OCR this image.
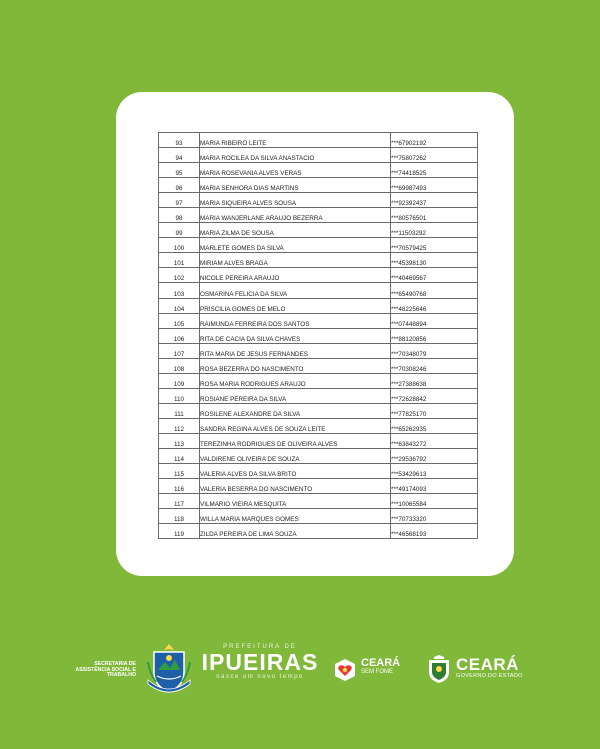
93	MARIA RIBEIRO LEITE	***67902192
94	MARIA ROCILEA DA SILVA ANASTACIO	***75807262
95	MARIA ROSEVANIA ALVES VERAS	***74418525
96	MARIA SENHORA DIAS MARTINS	***69987493
97	MARIA SIQUEIRA ALVES SOUSA	***92392437
98	MARIA WANJERLANE ARAUJO BEZERRA	***80576501
99	MARIA ZILMA DE SOUSA	***11503292
100	MARLETE GOMES DA SILVA	***70579425
101	MIRIAM ALVES BRAGA	***45398130
102	NICOLE PEREIRA ARAUJO	***40469567
103	OSMARINA FELICIA DA SILVA	***65490768
104	PRISCILIA GOMES DE MELO	***48225646
105	RAIMUNDA FERREIRA DOS SANTOS	***07448894
106	RITA DE CACIA DA SILVA CHAVES	***88120856
107	RITA MARIA DE JESUS FERNANDES	***70348079
108	ROSA BEZERRA DO NASCIMENTO	***70308246
109	ROSA MARIA RODRIGUES ARAUJO	***27388638
110	ROSIANE PEREIRA DA SILVA	***72628842
111	ROSILENE ALEXANDRE DA SILVA	***77825170
112	SANDRA REGINA ALVES DE SOUZA LEITE	***65262935
113	TEREZINHA RODRIGUES DE OLIVEIRA ALVES	***63843272
114	VALDIRENE OLIVEIRA DE SOUZA	***29536792
115	VALERIA ALVES DA SILVA BRITO	***53429613
116	VALERIA BESERRA DO NASCIMENTO	***49174093
117	VILMARIO VIEIRA MESQUITA	***10065584
118	WILLA MARIA MARQUES GOMES	***70733320
119	ZILDA PEREIRA DE LIMA SOUZA	***46568193
SECRETARIA DE ASSISTÊNCIA SOCIAL E TRABALHO
PREFEITURA DE
IPUEIRAS
nasce um novo tempo
CEARÁ
SEM FOME	CEARÁ
GOVERNO DO ESTADO
